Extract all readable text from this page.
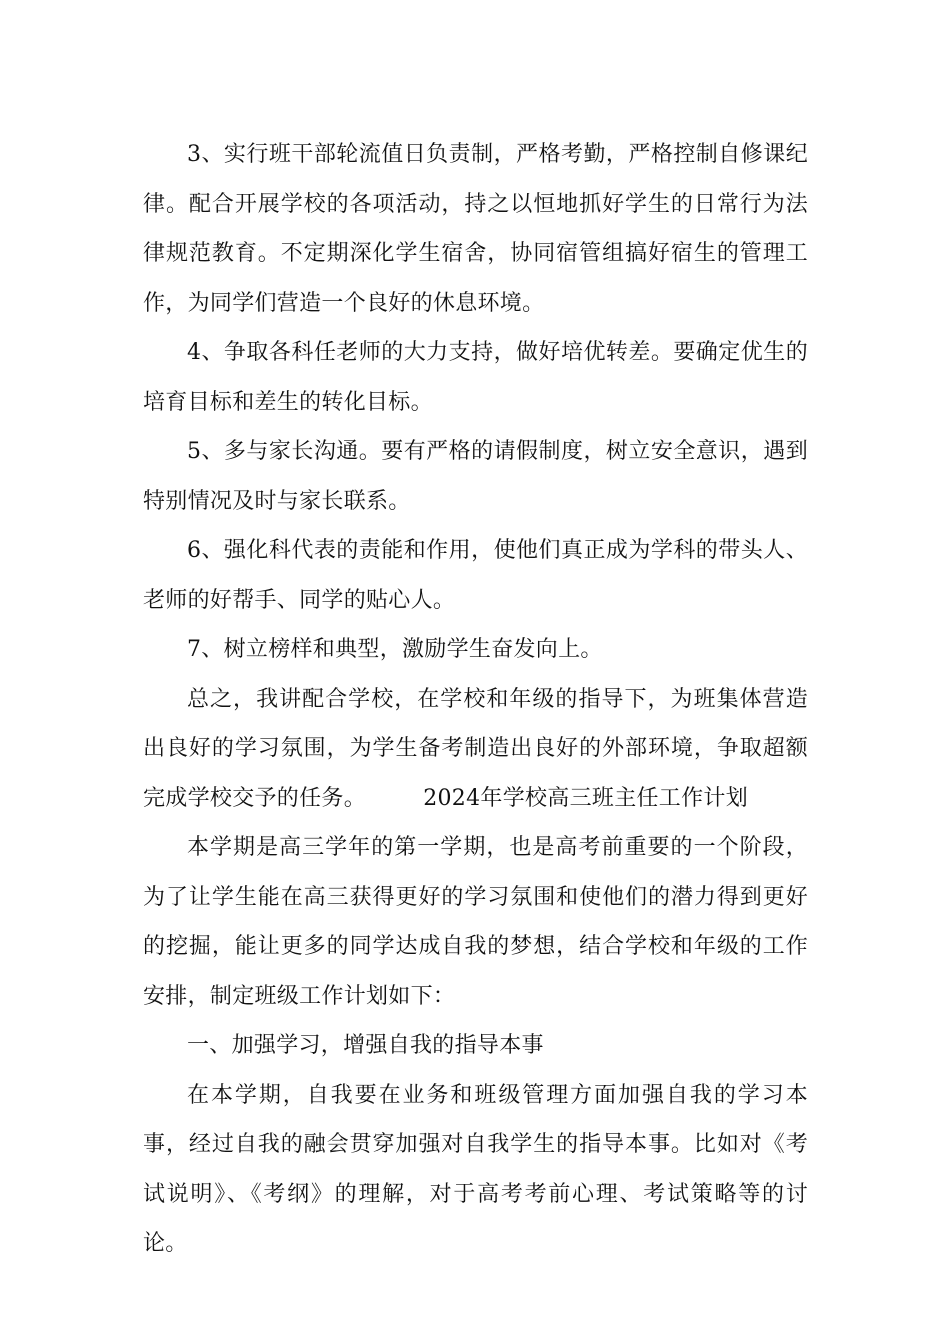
3、实行班干部轮流值日负责制，严格考勤，严格控制自修课纪律。配合开展学校的各项活动，持之以恒地抓好学生的日常行为法律规范教育。不定期深化学生宿舍，协同宿管组搞好宿生的管理工作，为同学们营造一个良好的休息环境。

4、争取各科任老师的大力支持，做好培优转差。要确定优生的培育目标和差生的转化目标。

5、多与家长沟通。要有严格的请假制度，树立安全意识，遇到特别情况及时与家长联系。

6、强化科代表的责能和作用，使他们真正成为学科的带头人、老师的好帮手、同学的贴心人。

7、树立榜样和典型，激励学生奋发向上。

总之，我讲配合学校，在学校和年级的指导下，为班集体营造出良好的学习氛围，为学生备考制造出良好的外部环境，争取超额完成学校交予的任务。	2024年学校高三班主任工作计划

本学期是高三学年的第一学期，也是高考前重要的一个阶段，为了让学生能在高三获得更好的学习氛围和使他们的潜力得到更好的挖掘，能让更多的同学达成自我的梦想，结合学校和年级的工作安排，制定班级工作计划如下：

一、加强学习，增强自我的指导本事

在本学期，自我要在业务和班级管理方面加强自我的学习本事，经过自我的融会贯穿加强对自我学生的指导本事。比如对《考试说明》、《考纲》的理解，对于高考考前心理、考试策略等的讨论。
